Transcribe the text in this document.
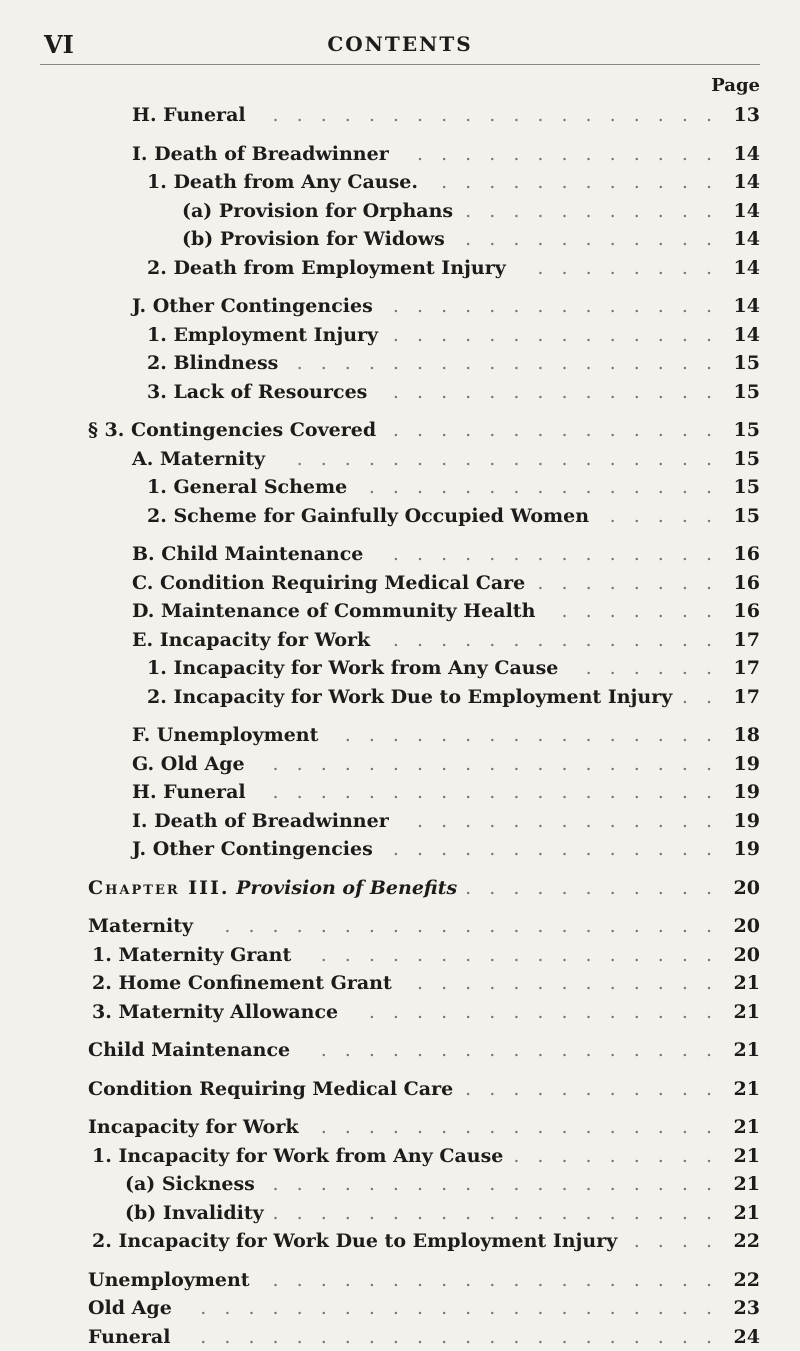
VI	CONTENTS
Page
H. Funeral	. . . . . . . . . . . . . . . . . . .	13
I. Death of Breadwinner	. . . . . . . . . . . . .	14
1. Death from Any Cause.	. . . . . . . . . . . .	14
(a) Provision for Orphans	. . . . . . . . . . .	14
(b) Provision for Widows	. . . . . . . . . . .	14
2. Death from Employment Injury	. . . . . . . .	14
J. Other Contingencies	. . . . . . . . . . . . . .	14
1. Employment Injury	. . . . . . . . . . . . . .	14
2. Blindness	. . . . . . . . . . . . . . . . . .	15
3. Lack of Resources	. . . . . . . . . . . . . .	15
§ 3. Contingencies Covered	. . . . . . . . . . . . . .	15
A. Maternity	. . . . . . . . . . . . . . . . . .	15
1. General Scheme	. . . . . . . . . . . . . . .	15
2. Scheme for Gainfully Occupied Women	. . . . .	15
B. Child Maintenance	. . . . . . . . . . . . . .	16
C. Condition Requiring Medical Care	. . . . . . . .	16
D. Maintenance of Community Health	. . . . . . .	16
E. Incapacity for Work	. . . . . . . . . . . . . .	17
1. Incapacity for Work from Any Cause	. . . . . .	17
2. Incapacity for Work Due to Employment Injury	. .	17
F. Unemployment	. . . . . . . . . . . . . . . .	18
G. Old Age	. . . . . . . . . . . . . . . . . . .	19
H. Funeral	. . . . . . . . . . . . . . . . . . .	19
I. Death of Breadwinner	. . . . . . . . . . . . .	19
J. Other Contingencies	. . . . . . . . . . . . . .	19
Chapter III. Provision of Benefits	. . . . . . . . . . .	20
Maternity	. . . . . . . . . . . . . . . . . . . . .	20
1. Maternity Grant	. . . . . . . . . . . . . . . . .	20
2. Home Confinement Grant	. . . . . . . . . . . . .	21
3. Maternity Allowance	. . . . . . . . . . . . . . .	21
Child Maintenance	. . . . . . . . . . . . . . . . .	21
Condition Requiring Medical Care	. . . . . . . . . . .	21
Incapacity for Work	. . . . . . . . . . . . . . . . .	21
1. Incapacity for Work from Any Cause	. . . . . . . . .	21
(a) Sickness	. . . . . . . . . . . . . . . . . . .	21
(b) Invalidity	. . . . . . . . . . . . . . . . . . .	21
2. Incapacity for Work Due to Employment Injury	. . . .	22
Unemployment	. . . . . . . . . . . . . . . . . . .	22
Old Age	. . . . . . . . . . . . . . . . . . . . . .	23
Funeral	. . . . . . . . . . . . . . . . . . . . . .	24
